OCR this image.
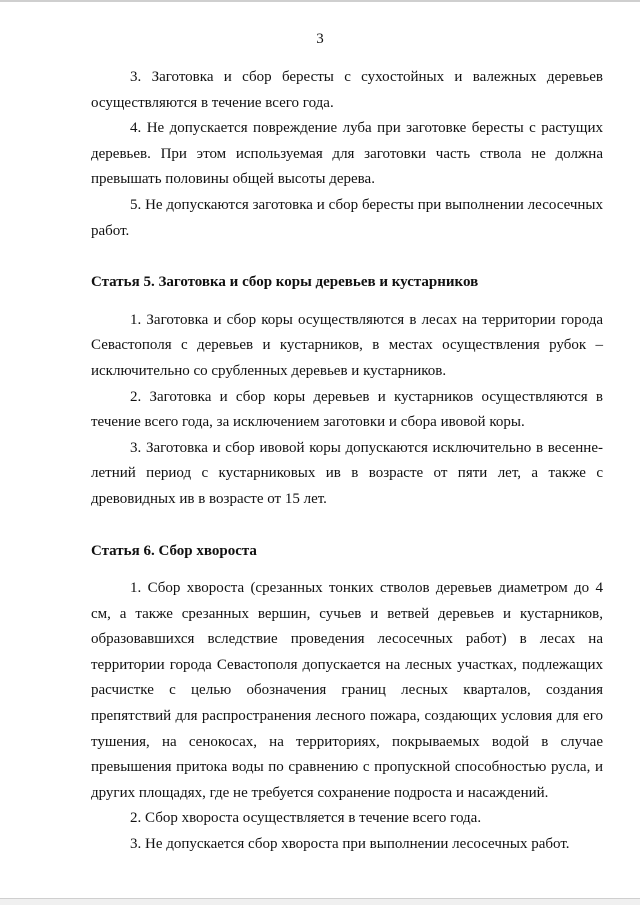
3

3. Заготовка и сбор бересты с сухостойных и валежных деревьев осуществляются в течение всего года.

4. Не допускается повреждение луба при заготовке бересты с растущих деревьев. При этом используемая для заготовки часть ствола не должна превышать половины общей высоты дерева.

5. Не допускаются заготовка и сбор бересты при выполнении лесосечных работ.

Статья 5. Заготовка и сбор коры деревьев и кустарников

1. Заготовка и сбор коры осуществляются в лесах на территории города Севастополя с деревьев и кустарников, в местах осуществления рубок – исключительно со срубленных деревьев и кустарников.

2. Заготовка и сбор коры деревьев и кустарников осуществляются в течение всего года, за исключением заготовки и сбора ивовой коры.

3. Заготовка и сбор ивовой коры допускаются исключительно в весенне-летний период с кустарниковых ив в возрасте от пяти лет, а также с древовидных ив в возрасте от 15 лет.

Статья 6. Сбор хвороста

1. Сбор хвороста (срезанных тонких стволов деревьев диаметром до 4 см, а также срезанных вершин, сучьев и ветвей деревьев и кустарников, образовавшихся вследствие проведения лесосечных работ) в лесах на территории города Севастополя допускается на лесных участках, подлежащих расчистке с целью обозначения границ лесных кварталов, создания препятствий для распространения лесного пожара, создающих условия для его тушения, на сенокосах, на территориях, покрываемых водой в случае превышения притока воды по сравнению с пропускной способностью русла, и других площадях, где не требуется сохранение подроста и насаждений.

2. Сбор хвороста осуществляется в течение всего года.

3. Не допускается сбор хвороста при выполнении лесосечных работ.
